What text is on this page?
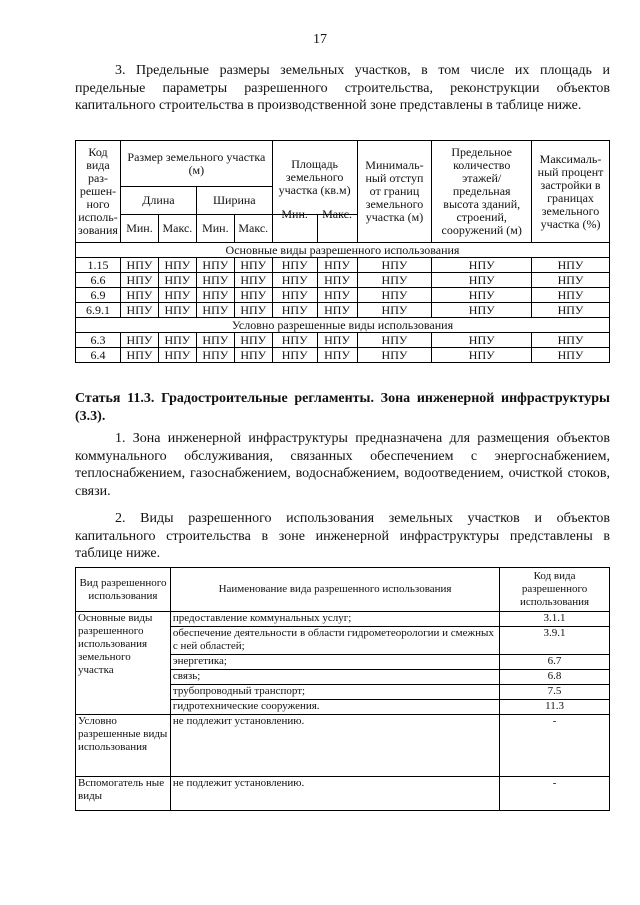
17
3. Предельные размеры земельных участков, в том числе их площадь и предельные параметры разрешенного строительства, реконструкции объектов капитального строительства в производственной зоне представлены в таблице ниже.
Код вида раз-решен-ного исполь-зования	Размер земельного участка (м)				Площадь земельного участка (кв.м)		Минималь-ный отступ от границ земельного участка (м)	Предельное количество этажей/ предельная высота зданий, строений, сооружений (м)	Максималь-ный процент застройки в границах земельного участка (%)
	Длина		Ширина						
	Мин.	Макс.	Мин.	Макс.	Мин.	Макс.			
Основные виды разрешенного использования									
1.15	НПУ	НПУ	НПУ	НПУ	НПУ	НПУ	НПУ	НПУ	НПУ
6.6	НПУ	НПУ	НПУ	НПУ	НПУ	НПУ	НПУ	НПУ	НПУ
6.9	НПУ	НПУ	НПУ	НПУ	НПУ	НПУ	НПУ	НПУ	НПУ
6.9.1	НПУ	НПУ	НПУ	НПУ	НПУ	НПУ	НПУ	НПУ	НПУ
Условно разрешенные виды использования									
6.3	НПУ	НПУ	НПУ	НПУ	НПУ	НПУ	НПУ	НПУ	НПУ
6.4	НПУ	НПУ	НПУ	НПУ	НПУ	НПУ	НПУ	НПУ	НПУ
Статья 11.3. Градостроительные регламенты. Зона инженерной инфраструктуры (3.3).
1. Зона инженерной инфраструктуры предназначена для размещения объектов коммунального обслуживания, связанных обеспечением с энергоснабжением, теплоснабжением, газоснабжением, водоснабжением, водоотведением, очисткой стоков, связи.
2. Виды разрешенного использования земельных участков и объектов капитального строительства в зоне инженерной инфраструктуры представлены в таблице ниже.
Вид разрешенного использования	Наименование вида разрешенного использования	Код вида разрешенного использования
Основные виды разрешенного использования земельного участка	предоставление коммунальных услуг;	3.1.1
	обеспечение деятельности в области гидрометеорологии и смежных с ней областей;	3.9.1
	энергетика;	6.7
	связь;	6.8
	трубопроводный транспорт;	7.5
	гидротехнические сооружения.	11.3
Условно разрешенные виды использования	не подлежит установлению.	-
Вспомогатель ные виды	не подлежит установлению.	-
